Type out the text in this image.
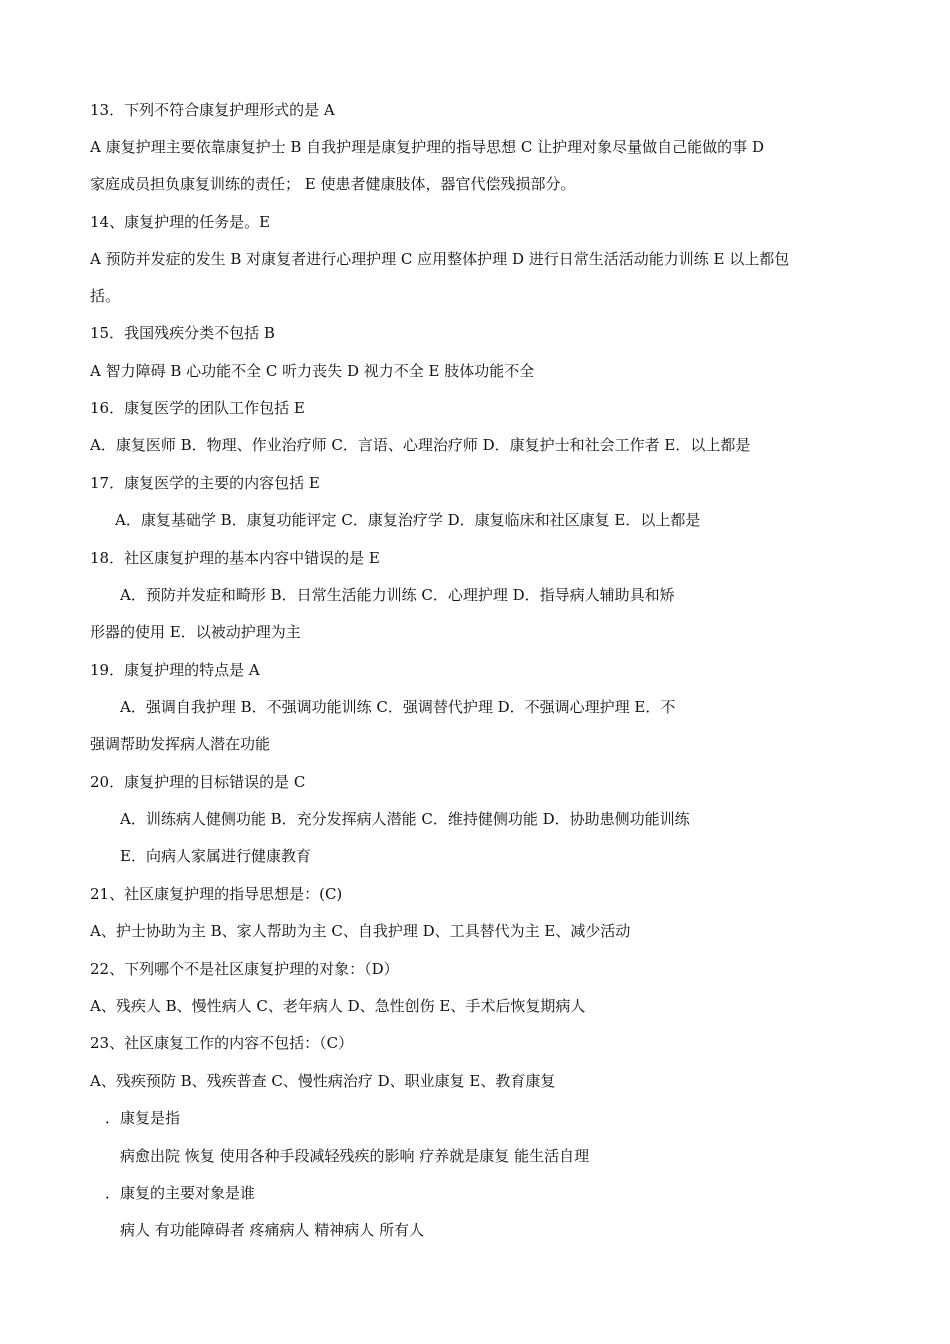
13．下列不符合康复护理形式的是 A
A 康复护理主要依靠康复护士 B 自我护理是康复护理的指导思想 C 让护理对象尽量做自己能做的事 D
家庭成员担负康复训练的责任； E 使患者健康肢体，器官代偿残损部分。
14、康复护理的任务是。E
A 预防并发症的发生 B 对康复者进行心理护理 C 应用整体护理 D 进行日常生活活动能力训练 E 以上都包
括。
15．我国残疾分类不包括 B
A 智力障碍 B 心功能不全 C 听力丧失 D 视力不全 E 肢体功能不全
16．康复医学的团队工作包括 E
A．康复医师 B．物理、作业治疗师 C．言语、心理治疗师 D．康复护士和社会工作者 E．以上都是
17．康复医学的主要的内容包括 E
A．康复基础学 B．康复功能评定 C．康复治疗学 D．康复临床和社区康复 E．以上都是
18．社区康复护理的基本内容中错误的是 E
A．预防并发症和畸形 B．日常生活能力训练 C．心理护理 D．指导病人辅助具和矫
形器的使用 E．以被动护理为主
19．康复护理的特点是 A
A．强调自我护理 B．不强调功能训练 C．强调替代护理 D．不强调心理护理 E．不
强调帮助发挥病人潜在功能
20．康复护理的目标错误的是 C
A．训练病人健侧功能 B．充分发挥病人潜能 C．维持健侧功能 D．协助患侧功能训练
E．向病人家属进行健康教育
21、社区康复护理的指导思想是：(C)
A、护士协助为主 B、家人帮助为主 C、自我护理 D、工具替代为主 E、减少活动
22、下列哪个不是社区康复护理的对象：（D）
A、残疾人 B、慢性病人 C、老年病人 D、急性创伤 E、手术后恢复期病人
23、社区康复工作的内容不包括：（C）
A、残疾预防 B、残疾普查 C、慢性病治疗 D、职业康复 E、教育康复
．康复是指
病愈出院 恢复 使用各种手段减轻残疾的影响 疗养就是康复 能生活自理
．康复的主要对象是谁
病人 有功能障碍者 疼痛病人 精神病人 所有人
